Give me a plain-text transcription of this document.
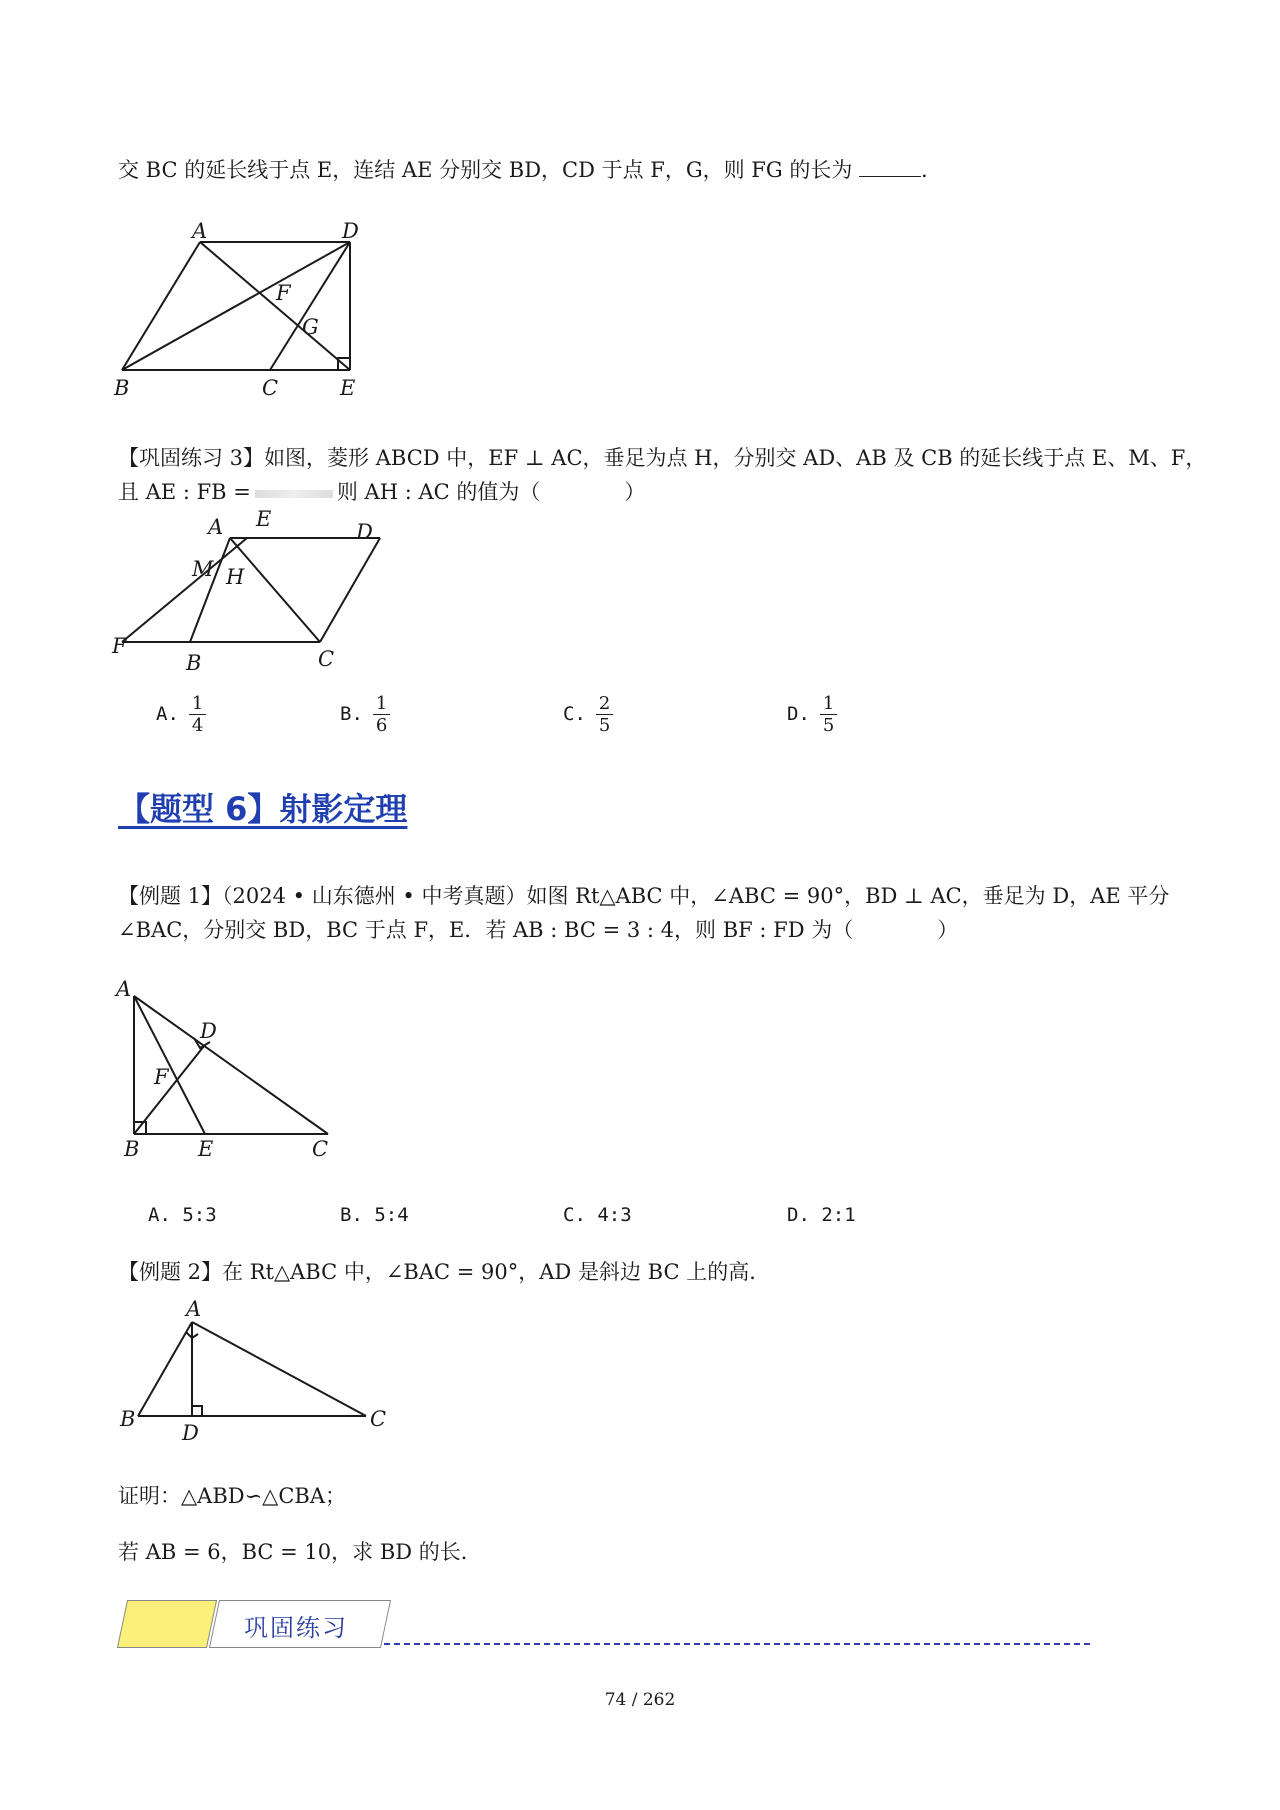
交 BC 的延长线于点 E，连结 AE 分别交 BD，CD 于点 F，G，则 FG 的长为	.
A	D
F
G
B	C	E
【巩固练习 3】如图，菱形 ABCD 中，EF ⊥ AC，垂足为点 H，分别交 AD、AB 及 CB 的延长线于点 E、M、F，
且 AE : FB =	则 AH : AC 的值为（　　　　）
A E
D
M H
F
B	C
A. $\frac{1}{4}$	B. $\frac{1}{6}$	C. $\frac{2}{5}$	D. $\frac{1}{5}$
【题型 6】射影定理
【例题 1】（2024 • 山东德州 • 中考真题）如图 Rt△ABC 中，∠ABC = 90°，BD ⊥ AC，垂足为 D，AE 平分
∠BAC，分别交 BD，BC 于点 F，E．若 AB : BC = 3 : 4，则 BF : FD 为（　　　　）
A
D
F
B	E	C
A. 5:3	B. 5:4	C. 4:3	D. 2:1
【例题 2】在 Rt△ABC 中，∠BAC = 90°，AD 是斜边 BC 上的高．
A
B
D
C
证明：△ABD∽△CBA；
若 AB = 6，BC = 10，求 BD 的长．
巩固练习
74 / 262
